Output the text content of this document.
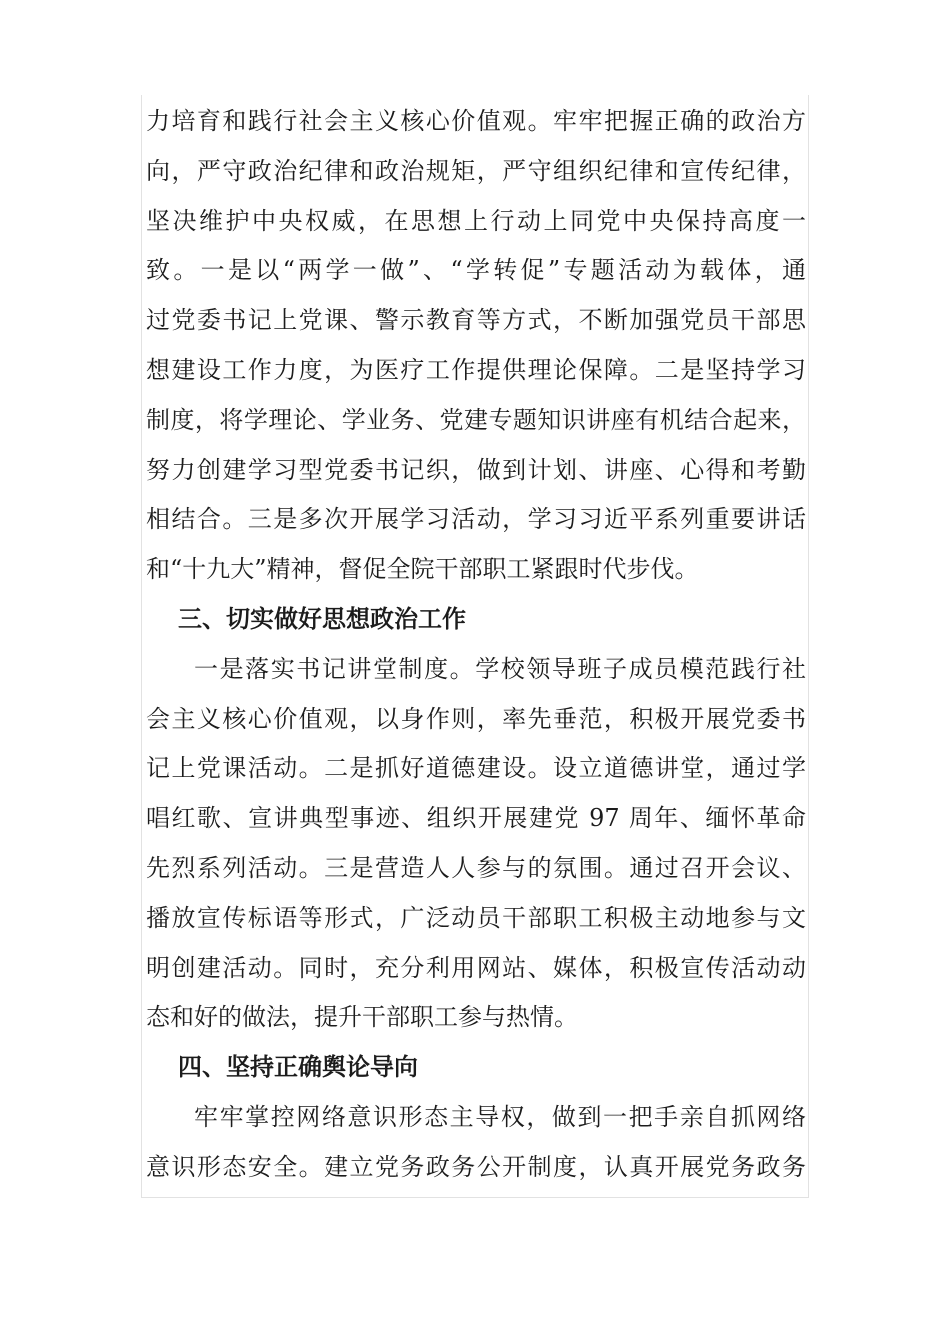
力培育和践行社会主义核心价值观。牢牢把握正确的政治方
向，严守政治纪律和政治规矩，严守组织纪律和宣传纪律，
坚决维护中央权威，在思想上行动上同党中央保持高度一
致。一是以“两学一做”、“学转促”专题活动为载体，通
过党委书记上党课、警示教育等方式，不断加强党员干部思
想建设工作力度，为医疗工作提供理论保障。二是坚持学习
制度，将学理论、学业务、党建专题知识讲座有机结合起来，
努力创建学习型党委书记织，做到计划、讲座、心得和考勤
相结合。三是多次开展学习活动，学习习近平系列重要讲话
和“十九大”精神，督促全院干部职工紧跟时代步伐。
三、切实做好思想政治工作
一是落实书记讲堂制度。学校领导班子成员模范践行社
会主义核心价值观，以身作则，率先垂范，积极开展党委书
记上党课活动。二是抓好道德建设。设立道德讲堂，通过学
唱红歌、宣讲典型事迹、组织开展建党 97 周年、缅怀革命
先烈系列活动。三是营造人人参与的氛围。通过召开会议、
播放宣传标语等形式，广泛动员干部职工积极主动地参与文
明创建活动。同时，充分利用网站、媒体，积极宣传活动动
态和好的做法，提升干部职工参与热情。
四、坚持正确舆论导向
牢牢掌控网络意识形态主导权，做到一把手亲自抓网络
意识形态安全。建立党务政务公开制度，认真开展党务政务
